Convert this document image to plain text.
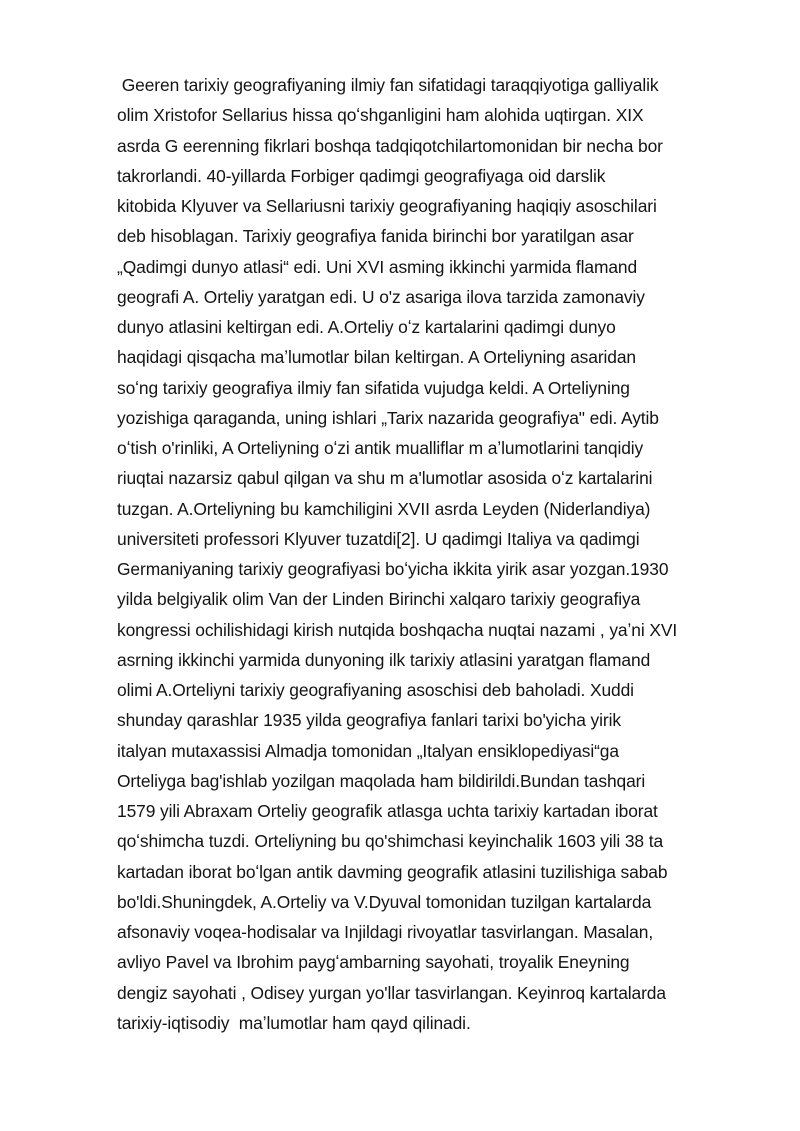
Geeren tarixiy geografiyaning ilmiy fan sifatidagi taraqqiyotiga galliyalik
olim Xristofor Sellarius hissa qoʻshganligini ham alohida uqtirgan. XIX
asrda G eerenning fikrlari boshqa tadqiqotchilartomonidan bir necha bor
takrorlandi. 40-yillarda Forbiger qadimgi geografiyaga oid darslik
kitobida Klyuver va Sellariusni tarixiy geografiyaning haqiqiy asoschilari
deb hisoblagan. Tarixiy geografiya fanida birinchi bor yaratilgan asar
„Qadimgi dunyo atlasi“ edi. Uni XVI asming ikkinchi yarmida flamand
geografi A. Orteliy yaratgan edi. U o'z asariga ilova tarzida zamonaviy
dunyo atlasini keltirgan edi. A.Orteliy oʻz kartalarini qadimgi dunyo
haqidagi qisqacha maʼlumotlar bilan keltirgan. A Orteliyning asaridan
soʻng tarixiy geografiya ilmiy fan sifatida vujudga keldi. A Orteliyning
yozishiga qaraganda, uning ishlari „Tarix nazarida geografiya" edi. Aytib
oʻtish o'rinliki, A Orteliyning oʻzi antik mualliflar m aʼlumotlarini tanqidiy
riuqtai nazarsiz qabul qilgan va shu m a'lumotlar asosida oʻz kartalarini
tuzgan. A.Orteliyning bu kamchiligini XVII asrda Leyden (Niderlandiya)
universiteti professori Klyuver tuzatdi[2]. U qadimgi Italiya va qadimgi
Germaniyaning tarixiy geografiyasi boʻyicha ikkita yirik asar yozgan.1930
yilda belgiyalik olim Van der Linden Birinchi xalqaro tarixiy geografiya
kongressi ochilishidagi kirish nutqida boshqacha nuqtai nazami , yaʼni XVI
asrning ikkinchi yarmida dunyoning ilk tarixiy atlasini yaratgan flamand
olimi A.Orteliyni tarixiy geografiyaning asoschisi deb baholadi. Xuddi
shunday qarashlar 1935 yilda geografiya fanlari tarixi bo'yicha yirik
italyan mutaxassisi Almadja tomonidan „Italyan ensiklopediyasi“ga
Orteliyga bag'ishlab yozilgan maqolada ham bildirildi.Bundan tashqari
1579 yili Abraxam Orteliy geografik atlasga uchta tarixiy kartadan iborat
qoʻshimcha tuzdi. Orteliyning bu qo'shimchasi keyinchalik 1603 yili 38 ta
kartadan iborat boʻlgan antik davming geografik atlasini tuzilishiga sabab
bo'ldi.Shuningdek, A.Orteliy va V.Dyuval tomonidan tuzilgan kartalarda
afsonaviy voqea-hodisalar va Injildagi rivoyatlar tasvirlangan. Masalan,
avliyo Pavel va Ibrohim paygʻambarning sayohati, troyalik Eneyning
dengiz sayohati , Odisey yurgan yo'llar tasvirlangan. Keyinroq kartalarda
tarixiy-iqtisodiy  maʼlumotlar ham qayd qilinadi.
